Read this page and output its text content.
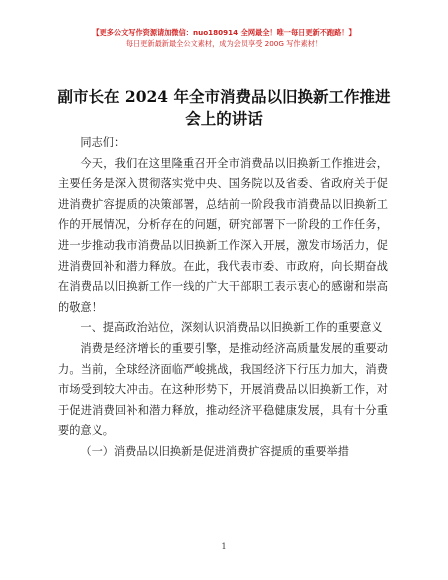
【更多公文写作资源请加微信：nuo180914 全网最全！唯一每日更新不跑路！】
每日更新最新最全公文素材，成为会员享受 200G 写作素材！
副市长在 2024 年全市消费品以旧换新工作推进会上的讲话

同志们：

今天，我们在这里隆重召开全市消费品以旧换新工作推进会，主要任务是深入贯彻落实党中央、国务院以及省委、省政府关于促进消费扩容提质的决策部署，总结前一阶段我市消费品以旧换新工作的开展情况，分析存在的问题，研究部署下一阶段的工作任务，进一步推动我市消费品以旧换新工作深入开展，激发市场活力，促进消费回补和潜力释放。在此，我代表市委、市政府，向长期奋战在消费品以旧换新工作一线的广大干部职工表示衷心的感谢和崇高的敬意！

一、提高政治站位，深刻认识消费品以旧换新工作的重要意义

消费是经济增长的重要引擎，是推动经济高质量发展的重要动力。当前，全球经济面临严峻挑战，我国经济下行压力加大，消费市场受到较大冲击。在这种形势下，开展消费品以旧换新工作，对于促进消费回补和潜力释放，推动经济平稳健康发展，具有十分重要的意义。

（一）消费品以旧换新是促进消费扩容提质的重要举措

1
